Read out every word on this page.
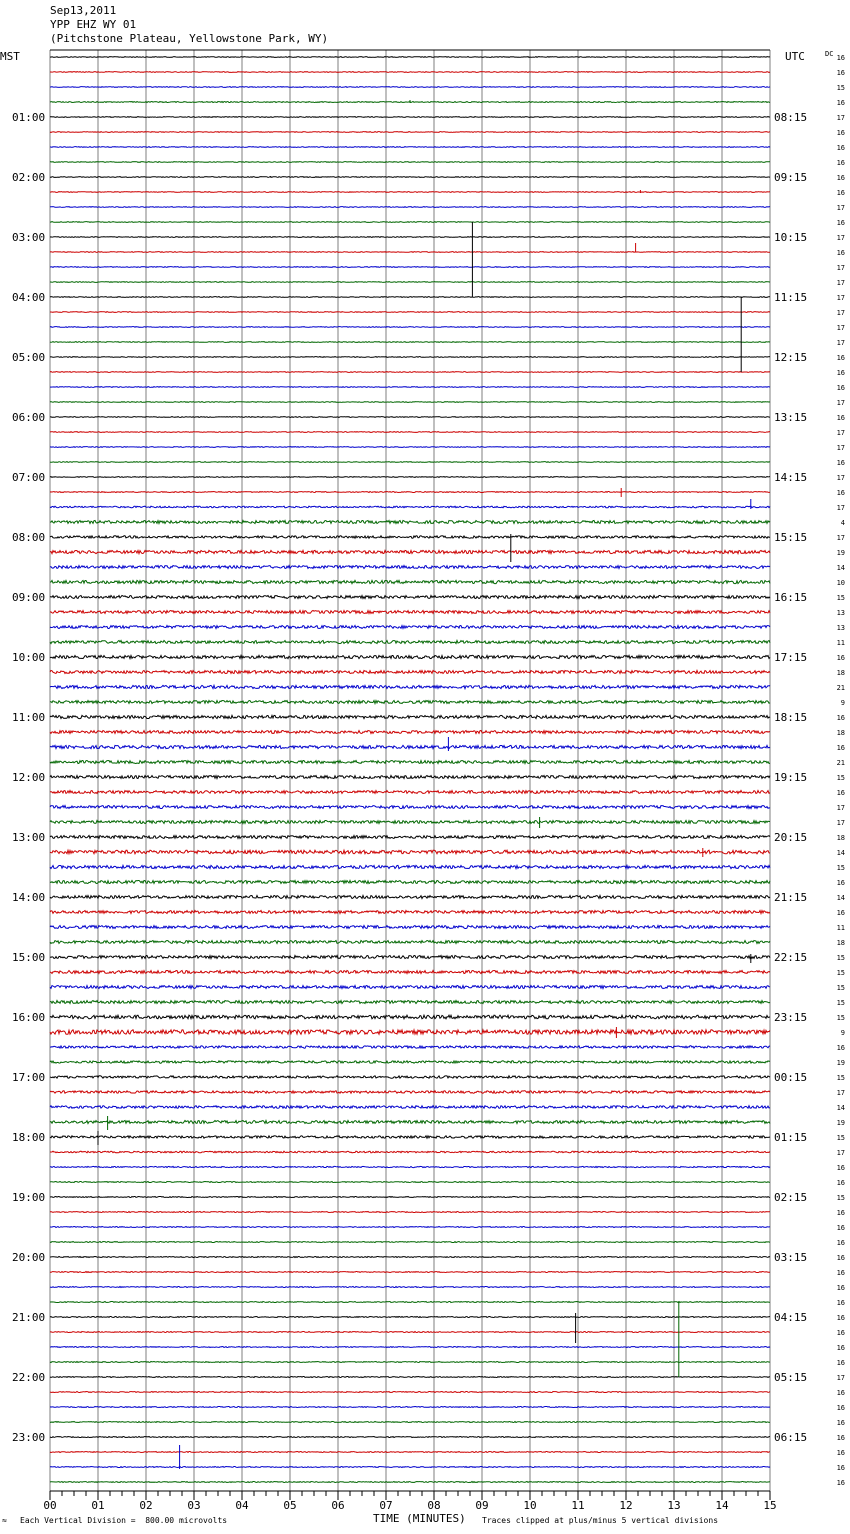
Sep13,2011
YPP EHZ WY 01
(Pitchstone Plateau, Yellowstone Park, WY)
MST	UTC	DC
01:00
02:00
03:00
04:00
05:00
06:00
07:00
08:00
09:00
10:00
11:00
12:00
13:00
14:00
15:00
16:00
17:00
18:00
19:00
20:00
21:00
22:00
23:00
08:15
09:15
10:15
11:15
12:15
13:15
14:15
15:15
16:15
17:15
18:15
19:15
20:15
21:15
22:15
23:15
00:15
01:15
02:15
03:15
04:15
05:15
06:15
16
16
15
16
17
16
16
16
16
16
17
16
17
16
17
17
17
17
17
17
16
16
16
17
16
17
17
16
17
16
17
4
17
19
14
10
15
13
13
11
16
18
21
9
16
18
16
21
15
16
17
17
18
14
15
16
14
16
11
18
15
15
15
15
15
9
16
19
15
17
14
19
15
17
16
16
15
16
16
16
16
16
16
16
16
16
16
16
17
16
16
16
16
16
16
16
00	01	02	03	04	05	06	07	08	09	10	11	12	13	14	15
≈ Each Vertical Division =  800.00 microvolts	TIME (MINUTES) Traces clipped at plus/minus 5 vertical divisions
